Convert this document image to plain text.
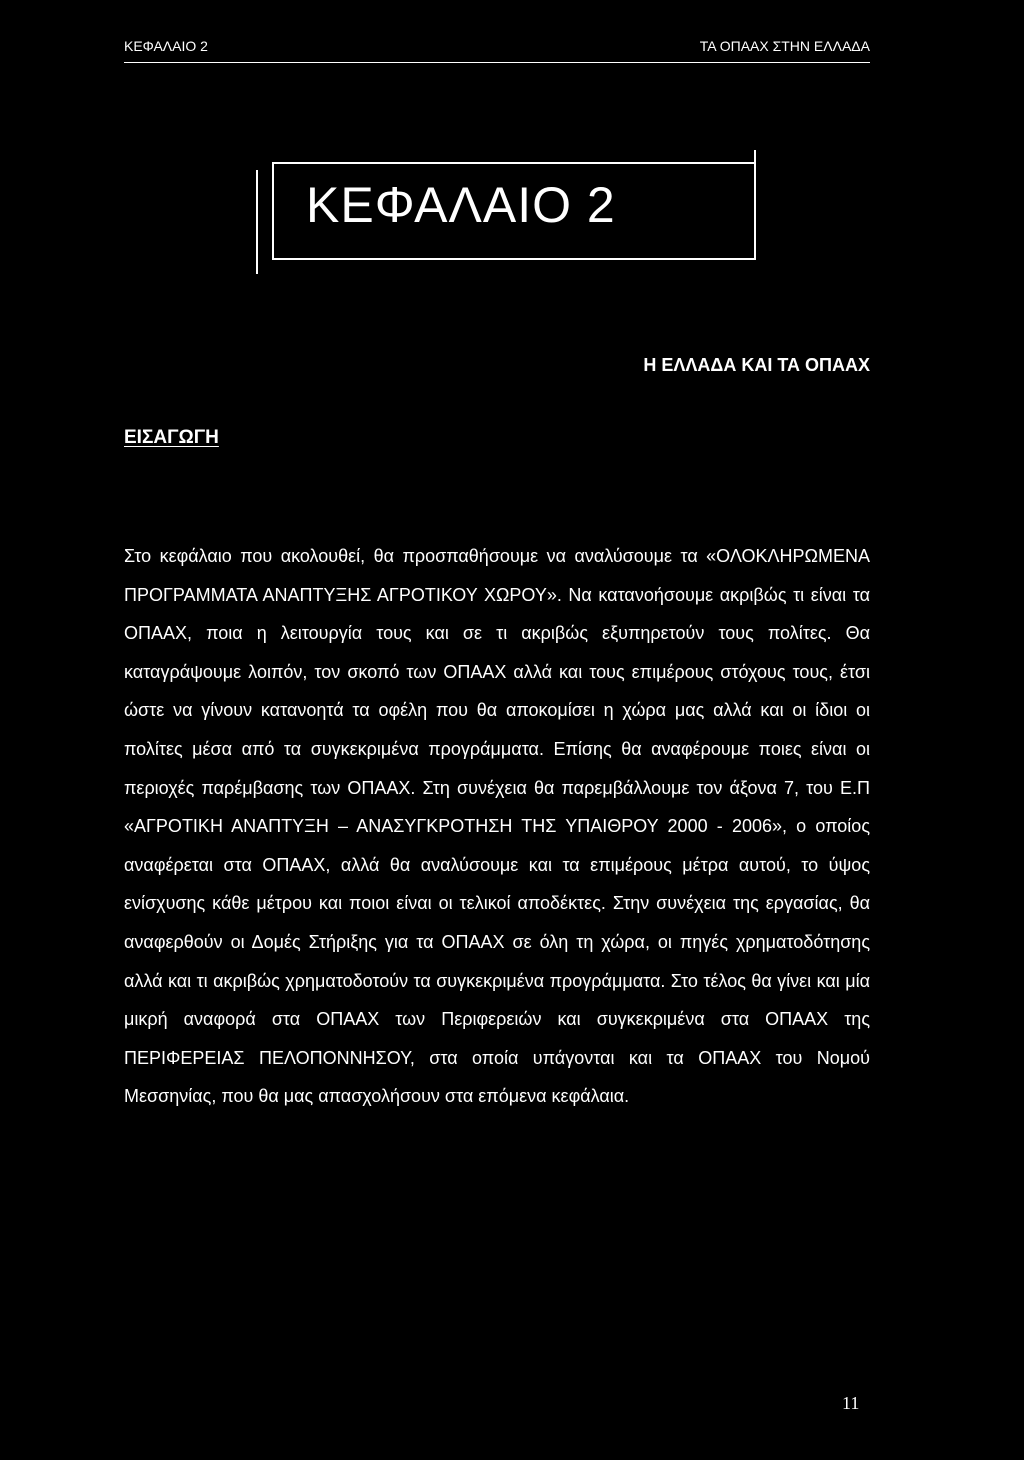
ΚΕΦΑΛΑΙΟ 2	ΤΑ ΟΠΑΑΧ ΣΤΗΝ ΕΛΛΑΔΑ
ΚΕΦΑΛΑΙΟ 2
Η ΕΛΛΑΔΑ ΚΑΙ ΤΑ ΟΠΑΑΧ
ΕΙΣΑΓΩΓΗ

Στο κεφάλαιο που ακολουθεί, θα προσπαθήσουμε να αναλύσουμε τα «ΟΛΟΚΛΗΡΩΜΕΝΑ ΠΡΟΓΡΑΜΜΑΤΑ ΑΝΑΠΤΥΞΗΣ ΑΓΡΟΤΙΚΟΥ ΧΩΡΟΥ». Να κατανοήσουμε ακριβώς τι είναι τα ΟΠΑΑΧ, ποια η λειτουργία τους και σε τι ακριβώς εξυπηρετούν τους πολίτες. Θα καταγράψουμε λοιπόν, τον σκοπό των ΟΠΑΑΧ αλλά και τους επιμέρους στόχους τους, έτσι ώστε να γίνουν κατανοητά τα οφέλη που θα αποκομίσει η χώρα μας αλλά και οι ίδιοι οι πολίτες μέσα από τα συγκεκριμένα προγράμματα. Επίσης θα αναφέρουμε ποιες είναι οι περιοχές παρέμβασης των ΟΠΑΑΧ. Στη συνέχεια θα παρεμβάλλουμε τον άξονα 7, του Ε.Π «ΑΓΡΟΤΙΚΗ ΑΝΑΠΤΥΞΗ – ΑΝΑΣΥΓΚΡΟΤΗΣΗ ΤΗΣ ΥΠΑΙΘΡΟΥ 2000 - 2006», ο οποίος αναφέρεται στα ΟΠΑΑΧ, αλλά θα αναλύσουμε και τα επιμέρους μέτρα αυτού, το ύψος ενίσχυσης κάθε μέτρου και ποιοι είναι οι τελικοί αποδέκτες. Στην συνέχεια της εργασίας, θα αναφερθούν οι Δομές Στήριξης για τα ΟΠΑΑΧ σε όλη τη χώρα, οι πηγές χρηματοδότησης αλλά και τι ακριβώς χρηματοδοτούν τα συγκεκριμένα προγράμματα. Στο τέλος θα γίνει και μία μικρή αναφορά στα ΟΠΑΑΧ των Περιφερειών και συγκεκριμένα στα ΟΠΑΑΧ της ΠΕΡΙΦΕΡΕΙΑΣ ΠΕΛΟΠΟΝΝΗΣΟΥ, στα οποία υπάγονται και τα ΟΠΑΑΧ του Νομού Μεσσηνίας, που θα μας απασχολήσουν στα επόμενα κεφάλαια.

11
